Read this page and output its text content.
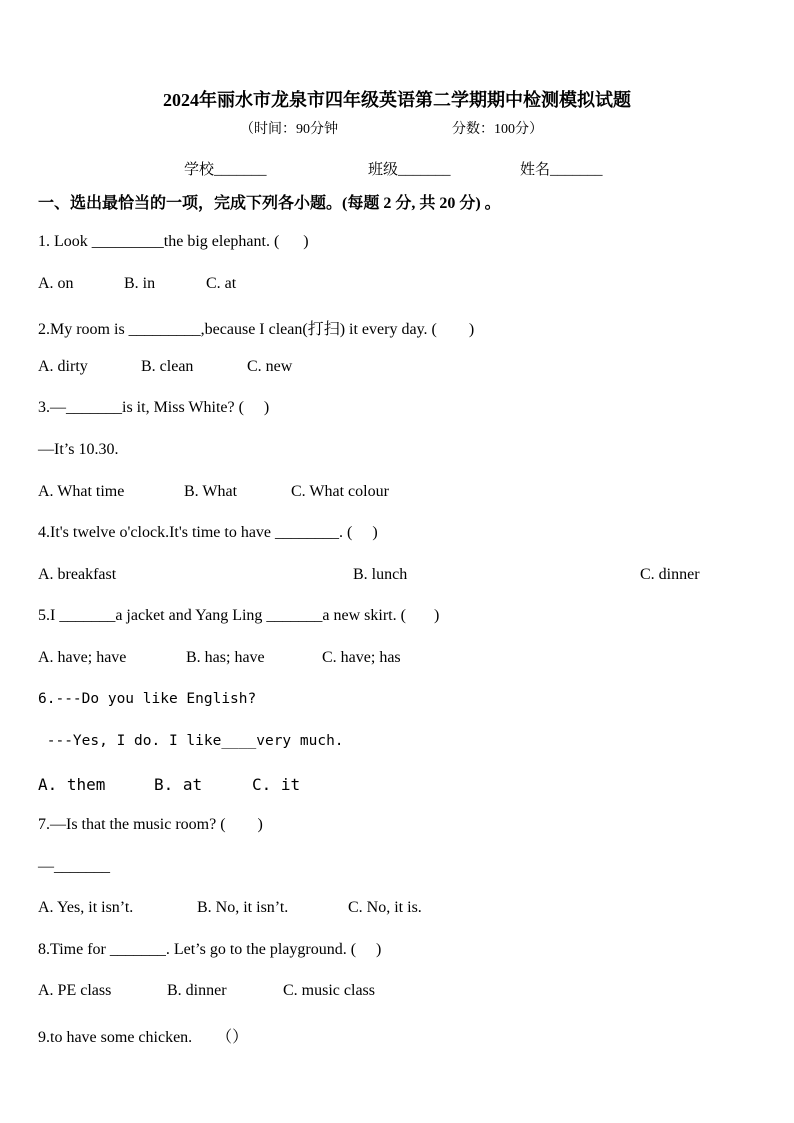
2024年丽水市龙泉市四年级英语第二学期期中检测模拟试题
（时间：90分钟	分数：100分）
学校_______	班级_______	姓名_______
一、选出最恰当的一项，完成下列各小题。(每题 2 分, 共 20 分) 。
1. Look _________the big elephant. (      )
A. on	B. in	C. at
2.My room is _________,because I clean(打扫) it every day. (        )
A. dirty	B. clean	C. new
3.—_______is it, Miss White? (     )
—It’s 10.30.
A. What time	B. What	C. What colour
4.It's twelve o'clock.It's time to have ________. (     )
A. breakfast	B. lunch	C. dinner
5.I _______a jacket and Yang Ling _______a new skirt. (       )
A. have; have	B. has; have	C. have; has
6.---Do you like English?
---Yes, I do. I like____very much.
A. them	B. at	C. it
7.—Is that the music room? (        )
—_______
A. Yes, it isn’t.	B. No, it isn’t.	C. No, it is.
8.Time for _______. Let’s go to the playground. (     )
A. PE class	B. dinner	C. music class
9.to have some chicken.      （）
